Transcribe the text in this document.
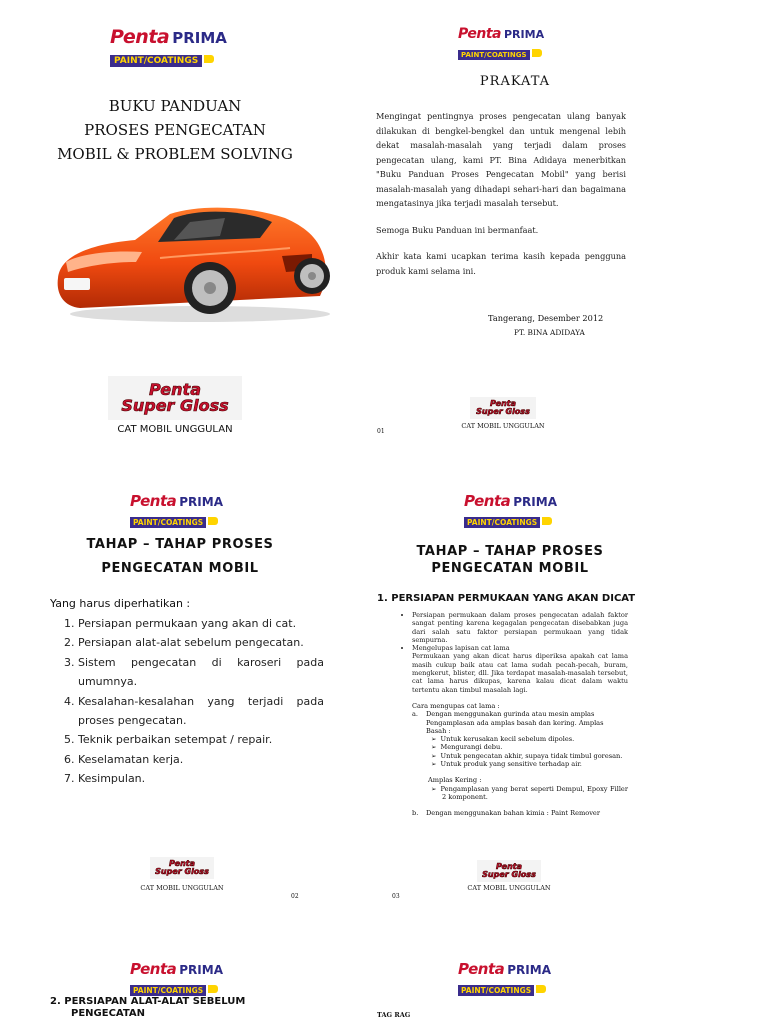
Penta PRIMA
PAINT/COATINGS
BUKU PANDUAN
PROSES PENGECATAN
MOBIL & PROBLEM SOLVING
Penta
Super Gloss
CAT MOBIL UNGGULAN
Penta PRIMA
PAINT/COATINGS
PRAKATA
Mengingat pentingnya proses pengecatan ulang banyak dilakukan di bengkel-bengkel dan untuk mengenal lebih dekat masalah-masalah yang terjadi dalam proses pengecatan ulang, kami PT. Bina Adidaya menerbitkan "Buku Panduan Proses Pengecatan Mobil" yang berisi masalah-masalah yang dihadapi sehari-hari dan bagaimana mengatasinya jika terjadi masalah tersebut.
Semoga Buku Panduan ini bermanfaat.
Akhir kata kami ucapkan terima kasih kepada pengguna produk kami selama ini.
Tangerang, Desember 2012
PT. BINA ADIDAYA
Penta
Super Gloss
CAT MOBIL UNGGULAN
01
Penta PRIMA
PAINT/COATINGS
TAHAP – TAHAP PROSES
PENGECATAN MOBIL
Yang harus diperhatikan :
1. Persiapan permukaan yang akan di cat.
2. Persiapan alat-alat sebelum pengecatan.
3. Sistem pengecatan di karoseri pada umumnya.
4. Kesalahan-kesalahan yang terjadi pada proses pengecatan.
5. Teknik perbaikan setempat / repair.
6. Keselamatan kerja.
7. Kesimpulan.
Penta
Super Gloss
CAT MOBIL UNGGULAN
02
Penta PRIMA
PAINT/COATINGS
TAHAP – TAHAP PROSES
PENGECATAN MOBIL
1. PERSIAPAN PERMUKAAN YANG AKAN DICAT
• Persiapan permukaan dalam proses pengecatan adalah faktor sangat penting karena kegagalan pengecatan disebabkan juga dari salah satu faktor persiapan permukaan yang tidak sempurna.
• Mengelupas lapisan cat lama
Permukaan yang akan dicat harus diperiksa apakah cat lama masih cukup baik atau cat lama sudah pecah-pecah, buram, mengkerut, blister, dll. Jika terdapat masalah-masalah tersebut, cat lama harus dikupas, karena kalau dicat dalam waktu tertentu akan timbul masalah lagi.
Cara mengupas cat lama :
a.	Dengan menggunakan gurinda atau mesin amplas Pengamplasan ada amplas basah dan kering. Amplas Basah :
➢ Untuk kerusakan kecil sebelum dipoles.
➢ Mengurangi debu.
➢ Untuk pengecatan akhir, supaya tidak timbul goresan.
➢ Untuk produk yang sensitive terhadap air.
Amplas Kering :
➢ Pengamplasan yang berat seperti Dempul, Epoxy Filler 2 komponent.
b.	Dengan menggunakan bahan kimia : Paint Remover
Penta
Super Gloss
CAT MOBIL UNGGULAN
03
Penta PRIMA
PAINT/COATINGS
2. PERSIAPAN ALAT-ALAT SEBELUM
PENGECATAN
Penta PRIMA
PAINT/COATINGS
TAG RAG
